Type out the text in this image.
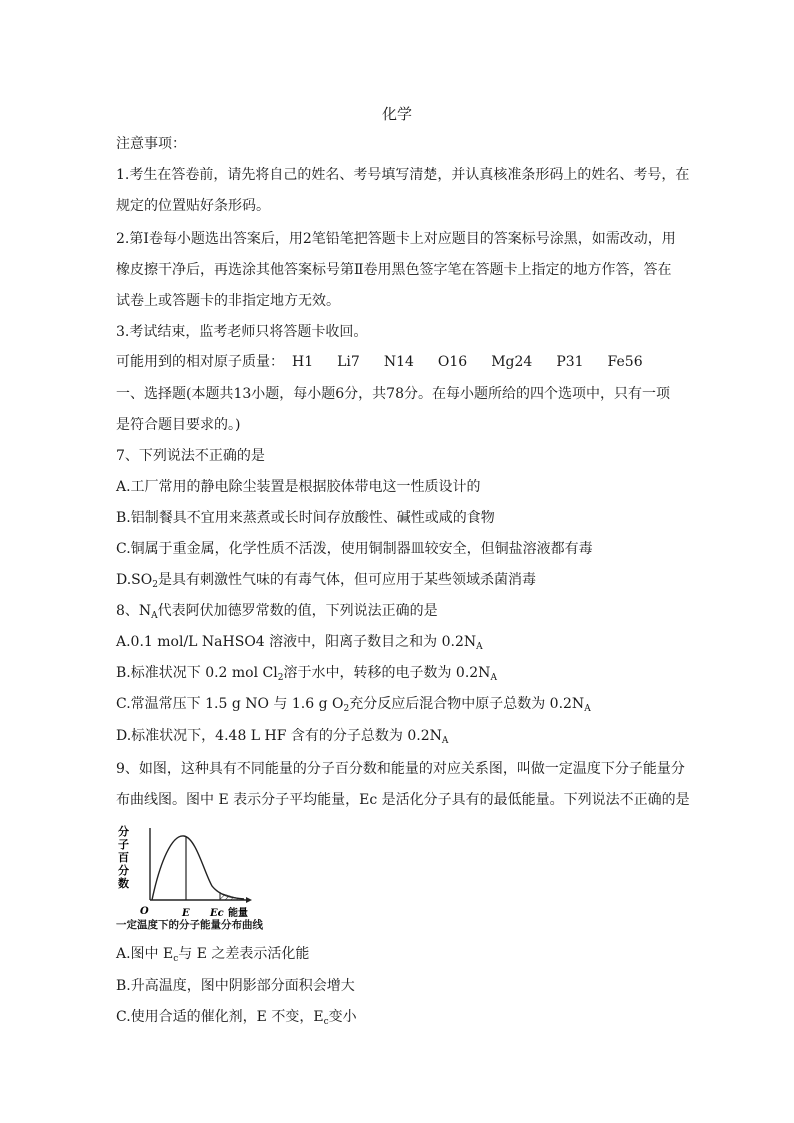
化学
注意事项：
1.考生在答卷前，请先将自己的姓名、考号填写清楚，并认真核准条形码上的姓名、考号，在
规定的位置贴好条形码。
2.第Ⅰ卷每小题选出答案后，用2笔铅笔把答题卡上对应题目的答案标号涂黑，如需改动，用
橡皮擦干净后，再选涂其他答案标号第Ⅱ卷用黑色签字笔在答题卡上指定的地方作答，答在
试卷上或答题卡的非指定地方无效。
3.考试结束，监考老师只将答题卡收回。
可能用到的相对原子质量： H1 Li7 N14 O16 Mg24 P31 Fe56
一、选择题(本题共13小题，每小题6分，共78分。在每小题所给的四个选项中，只有一项
是符合题目要求的。)
7、下列说法不正确的是
A.工厂常用的静电除尘装置是根据胶体带电这一性质设计的
B.铝制餐具不宜用来蒸煮或长时间存放酸性、碱性或咸的食物
C.铜属于重金属，化学性质不活泼，使用铜制器皿较安全，但铜盐溶液都有毒
$D.SO_2$是具有刺激性气味的有毒气体，但可应用于某些领域杀菌消毒
8、$N_A$代表阿伏加德罗常数的值，下列说法正确的是
A.0.1 mol/L NaHSO4 溶液中，阳离子数目之和为 $0.2N_A$
B.标准状况下 0.2 mol $Cl_2$溶于水中，转移的电子数为 $0.2N_A$
C.常温常压下 1.5 g NO 与 1.6 g $O_2$充分反应后混合物中原子总数为 $0.2N_A$
D.标准状况下，4.48 L HF 含有的分子总数为 $0.2N_A$
9、如图，这种具有不同能量的分子百分数和能量的对应关系图，叫做一定温度下分子能量分
布曲线图。图中 E 表示分子平均能量，Ec 是活化分子具有的最低能量。下列说法不正确的是
分
子
百
分
数
O	E Ec 能量
一定温度下的分子能量分布曲线
A.图中 $E_c$与 E 之差表示活化能
B.升高温度，图中阴影部分面积会增大
C.使用合适的催化剂，E 不变，$E_c$变小
